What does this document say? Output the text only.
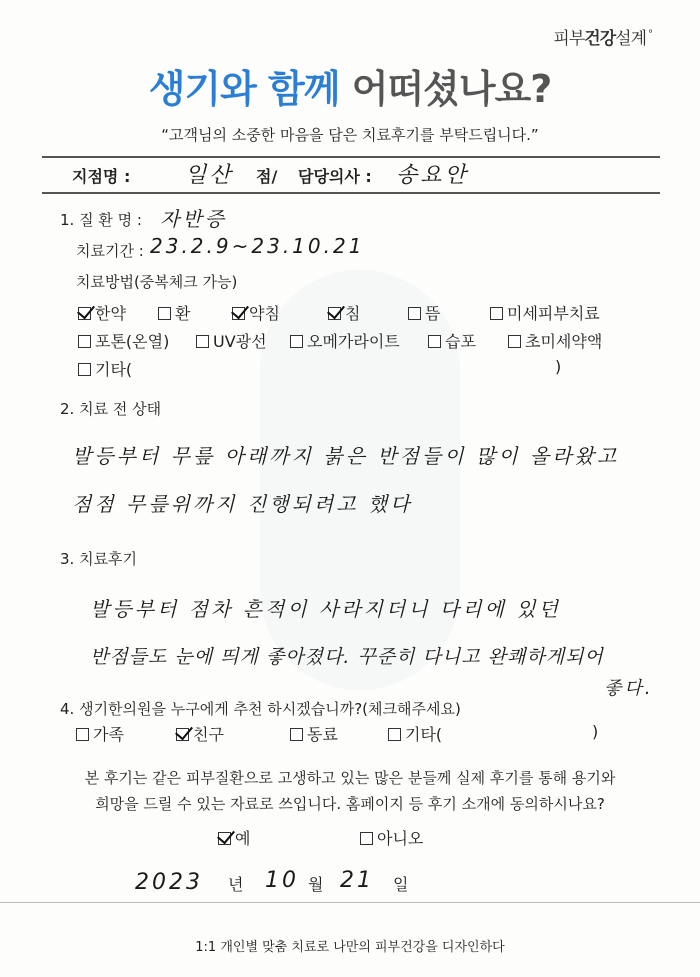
피부건강설계 °
생기와 함께 어떠셨나요?
“고객님의 소중한 마음을 담은 치료후기를 부탁드립니다.”
지점명 : 일산 점/ 담당의사 : 송요안
1. 질 환 명 : 자반증
치료기간 : 23.2.9~23.10.21
치료방법(중복체크 가능)
한약	환	약침	침	뜸	미세피부치료
포톤(온열)	UV광선	오메가라이트	습포	초미세약액
기타(	)
2. 치료 전 상태
발등부터 무릎 아래까지 붉은 반점들이 많이 올라왔고
점점 무릎위까지 진행되려고 했다
3. 치료후기
발등부터 점차 흔적이 사라지더니 다리에 있던
반점들도 눈에 띄게 좋아졌다. 꾸준히 다니고 완쾌하게되어
좋다.
4. 생기한의원을 누구에게 추천 하시겠습니까?(체크해주세요)
가족	친구	동료	기타(	)
본 후기는 같은 피부질환으로 고생하고 있는 많은 분들께 실제 후기를 통해 용기와
희망을 드릴 수 있는 자료로 쓰입니다. 홈페이지 등 후기 소개에 동의하시나요?
예	아니오
2023 년 10 월 21 일
1:1 개인별 맞춤 치료로 나만의 피부건강을 디자인하다
